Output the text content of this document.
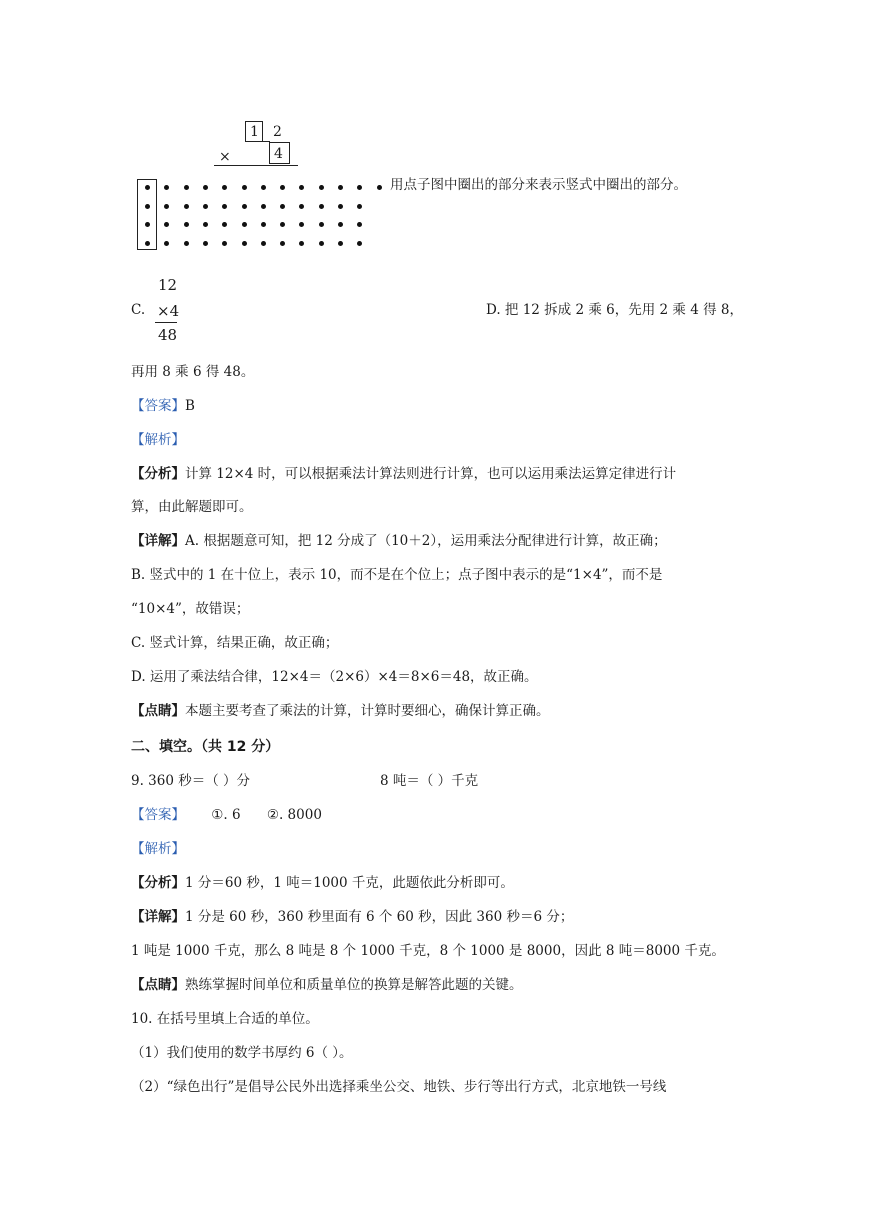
1 2
4
×
用点子图中圈出的部分来表示竖式中圈出的部分。
C.
12
×4
48
D. 把 12 拆成 2 乘 6，先用 2 乘 4 得 8，
再用 8 乘 6 得 48。
【答案】B
【解析】
【分析】计算 12×4 时，可以根据乘法计算法则进行计算，也可以运用乘法运算定律进行计
算，由此解题即可。
【详解】A. 根据题意可知，把 12 分成了（10＋2），运用乘法分配律进行计算，故正确；
B. 竖式中的 1 在十位上，表示 10，而不是在个位上；点子图中表示的是“1×4”，而不是
“10×4”，故错误；
C. 竖式计算，结果正确，故正确；
D. 运用了乘法结合律，12×4＝（2×6）×4＝8×6＝48，故正确。
【点睛】本题主要考查了乘法的计算，计算时要细心，确保计算正确。
二、填空。（共 12 分）
9. 360 秒＝（ ）分	8 吨＝（ ）千克
【答案】 ①. 6 ②. 8000
【解析】
【分析】1 分＝60 秒，1 吨＝1000 千克，此题依此分析即可。
【详解】1 分是 60 秒，360 秒里面有 6 个 60 秒，因此 360 秒＝6 分；
1 吨是 1000 千克，那么 8 吨是 8 个 1000 千克，8 个 1000 是 8000，因此 8 吨＝8000 千克。
【点睛】熟练掌握时间单位和质量单位的换算是解答此题的关键。
10. 在括号里填上合适的单位。
（1）我们使用的数学书厚约 6（ ）。
（2）“绿色出行”是倡导公民外出选择乘坐公交、地铁、步行等出行方式，北京地铁一号线
